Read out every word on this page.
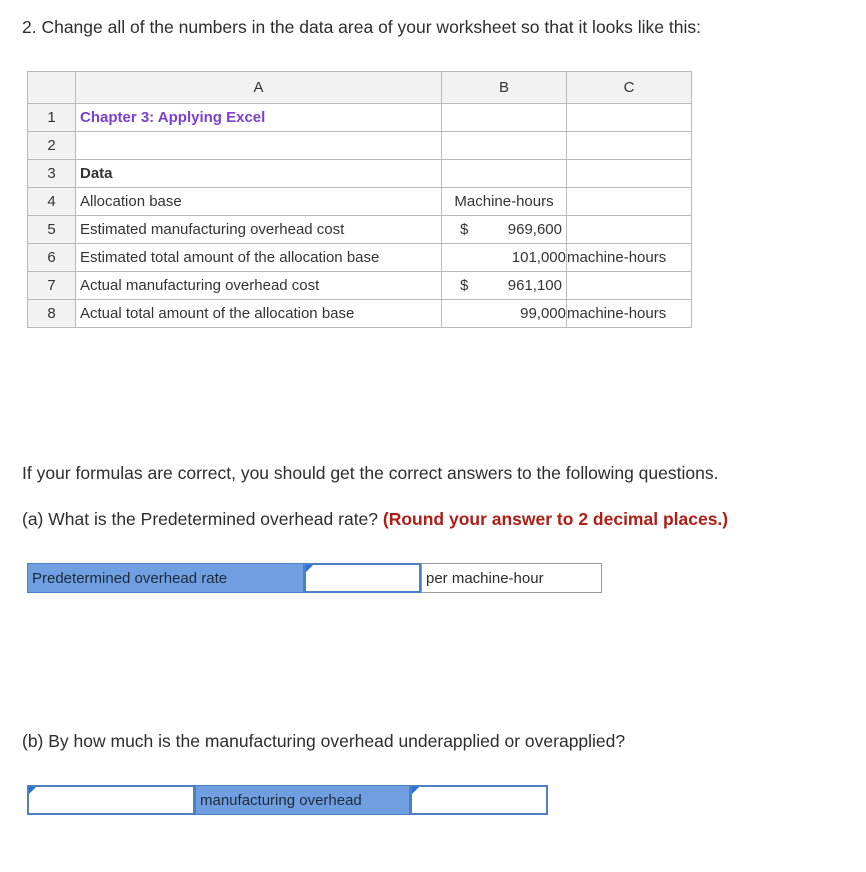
2. Change all of the numbers in the data area of your worksheet so that it looks like this:
	A	B	C
1	Chapter 3: Applying Excel		
2			
3	Data		
4	Allocation base	Machine-hours	
5	Estimated manufacturing overhead cost	$ 969,600	

6	Estimated total amount of the allocation base	101,000	machine-hours
7	Actual manufacturing overhead cost	$ 961,100	

8	Actual total amount of the allocation base	99,000	machine-hours
If your formulas are correct, you should get the correct answers to the following questions.
(a) What is the Predetermined overhead rate? (Round your answer to 2 decimal places.)
Predetermined overhead rate	per machine-hour
(b) By how much is the manufacturing overhead underapplied or overapplied?
manufacturing overhead
